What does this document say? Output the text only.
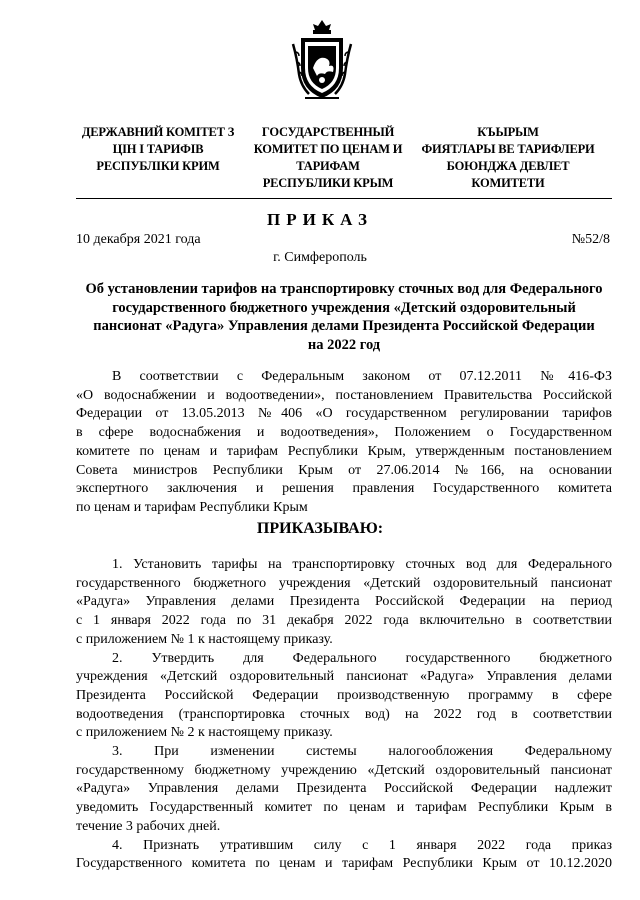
ДЕРЖАВНИЙ КОМІТЕТ З
ЦІН І ТАРИФІВ
РЕСПУБЛІКИ КРИМ
ГОСУДАРСТВЕННЫЙ
КОМИТЕТ ПО ЦЕНАМ И
ТАРИФАМ
РЕСПУБЛИКИ КРЫМ
КЪЫРЫМ
ФИЯТЛАРЫ ВЕ ТАРИФЛЕРИ
БОЮНДЖА ДЕВЛЕТ
КОМИТЕТИ
ПРИКАЗ
10 декабря 2021 года	№52/8
г. Симферополь
Об установлении тарифов на транспортировку сточных вод для Федерального
государственного бюджетного учреждения «Детский оздоровительный
пансионат «Радуга» Управления делами Президента Российской Федерации
на 2022 год
В соответствии с Федеральным законом от 07.12.2011 №416-ФЗ
«О водоснабжении и водоотведении», постановлением Правительства Российской
Федерации от 13.05.2013 №406 «О государственном регулировании тарифов
в сфере водоснабжения и водоотведения», Положением о Государственном
комитете по ценам и тарифам Республики Крым, утвержденным постановлением
Совета министров Республики Крым от 27.06.2014 №166, на основании
экспертного заключения и решения правления Государственного комитета
по ценам и тарифам Республики Крым
ПРИКАЗЫВАЮ:
1. Установить тарифы на транспортировку сточных вод для Федерального
государственного бюджетного учреждения «Детский оздоровительный пансионат
«Радуга» Управления делами Президента Российской Федерации на период
с 1 января 2022 года по 31 декабря 2022 года включительно в соответствии
с приложением № 1 к настоящему приказу.
2. Утвердить для Федерального государственного бюджетного
учреждения «Детский оздоровительный пансионат «Радуга» Управления делами
Президента Российской Федерации производственную программу в сфере
водоотведения (транспортировка сточных вод) на 2022 год в соответствии
с приложением № 2 к настоящему приказу.
3. При изменении системы налогообложения Федеральному
государственному бюджетному учреждению «Детский оздоровительный пансионат
«Радуга» Управления делами Президента Российской Федерации надлежит
уведомить Государственный комитет по ценам и тарифам Республики Крым в
течение 3 рабочих дней.
4. Признать утратившим силу с 1 января 2022 года приказ
Государственного комитета по ценам и тарифам Республики Крым от 10.12.2020
